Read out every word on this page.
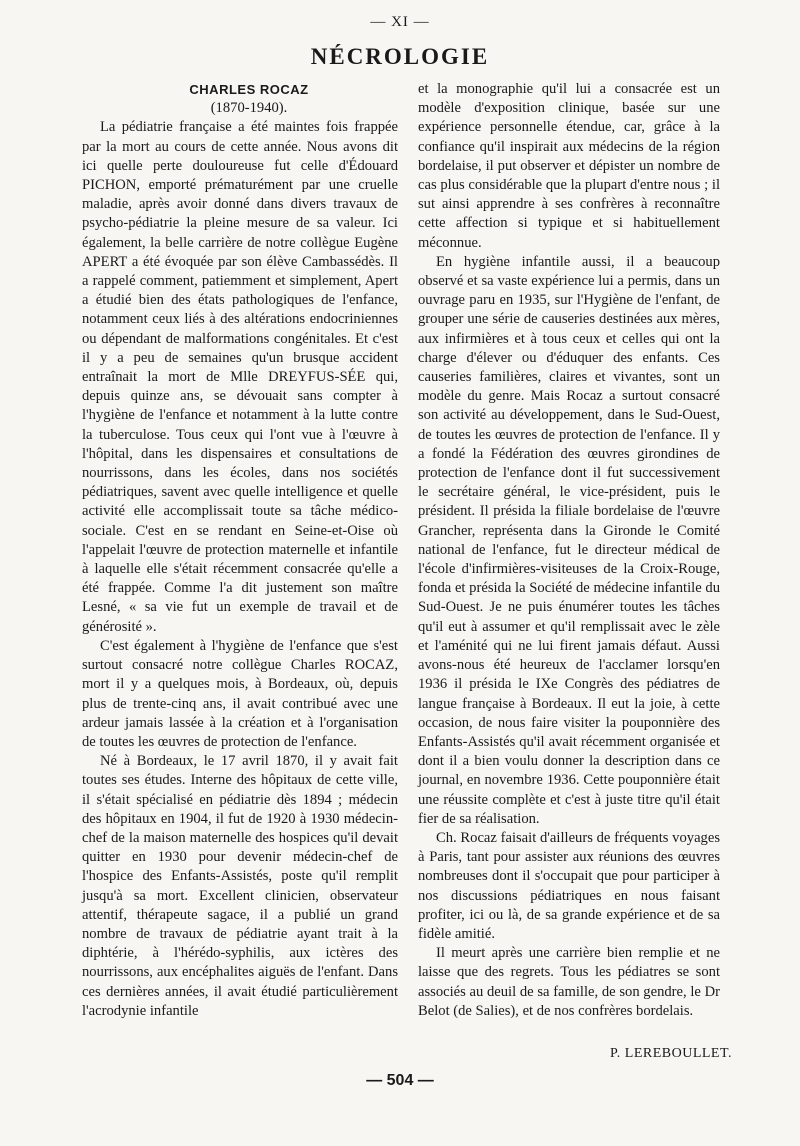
— XI —
NÉCROLOGIE

CHARLES ROCAZ

(1870-1940).

La pédiatrie française a été maintes fois frappée par la mort au cours de cette année. Nous avons dit ici quelle perte douloureuse fut celle d'Édouard PICHON, emporté prématurément par une cruelle maladie, après avoir donné dans divers travaux de psycho-pédiatrie la pleine mesure de sa valeur. Ici également, la belle carrière de notre collègue Eugène APERT a été évoquée par son élève Cambassédès. Il a rappelé comment, patiemment et simplement, Apert a étudié bien des états pathologiques de l'enfance, notamment ceux liés à des altérations endocriniennes ou dépendant de malformations congénitales. Et c'est il y a peu de semaines qu'un brusque accident entraînait la mort de Mlle DREYFUS-SÉE qui, depuis quinze ans, se dévouait sans compter à l'hygiène de l'enfance et notamment à la lutte contre la tuberculose. Tous ceux qui l'ont vue à l'œuvre à l'hôpital, dans les dispensaires et consultations de nourrissons, dans les écoles, dans nos sociétés pédiatriques, savent avec quelle intelligence et quelle activité elle accomplissait toute sa tâche médico-sociale. C'est en se rendant en Seine-et-Oise où l'appelait l'œuvre de protection maternelle et infantile à laquelle elle s'était récemment consacrée qu'elle a été frappée. Comme l'a dit justement son maître Lesné, « sa vie fut un exemple de travail et de générosité ».

C'est également à l'hygiène de l'enfance que s'est surtout consacré notre collègue Charles ROCAZ, mort il y a quelques mois, à Bordeaux, où, depuis plus de trente-cinq ans, il avait contribué avec une ardeur jamais lassée à la création et à l'organisation de toutes les œuvres de protection de l'enfance.

Né à Bordeaux, le 17 avril 1870, il y avait fait toutes ses études. Interne des hôpitaux de cette ville, il s'était spécialisé en pédiatrie dès 1894 ; médecin des hôpitaux en 1904, il fut de 1920 à 1930 médecin-chef de la maison maternelle des hospices qu'il devait quitter en 1930 pour devenir médecin-chef de l'hospice des Enfants-Assistés, poste qu'il remplit jusqu'à sa mort. Excellent clinicien, observateur attentif, thérapeute sagace, il a publié un grand nombre de travaux de pédiatrie ayant trait à la diphtérie, à l'hérédo-syphilis, aux ictères des nourrissons, aux encéphalites aiguës de l'enfant. Dans ces dernières années, il avait étudié particulièrement l'acrodynie infantile

et la monographie qu'il lui a consacrée est un modèle d'exposition clinique, basée sur une expérience personnelle étendue, car, grâce à la confiance qu'il inspirait aux médecins de la région bordelaise, il put observer et dépister un nombre de cas plus considérable que la plupart d'entre nous ; il sut ainsi apprendre à ses confrères à reconnaître cette affection si typique et si habituellement méconnue.

En hygiène infantile aussi, il a beaucoup observé et sa vaste expérience lui a permis, dans un ouvrage paru en 1935, sur l'Hygiène de l'enfant, de grouper une série de causeries destinées aux mères, aux infirmières et à tous ceux et celles qui ont la charge d'élever ou d'éduquer des enfants. Ces causeries familières, claires et vivantes, sont un modèle du genre. Mais Rocaz a surtout consacré son activité au développement, dans le Sud-Ouest, de toutes les œuvres de protection de l'enfance. Il y a fondé la Fédération des œuvres girondines de protection de l'enfance dont il fut successivement le secrétaire général, le vice-président, puis le président. Il présida la filiale bordelaise de l'œuvre Grancher, représenta dans la Gironde le Comité national de l'enfance, fut le directeur médical de l'école d'infirmières-visiteuses de la Croix-Rouge, fonda et présida la Société de médecine infantile du Sud-Ouest. Je ne puis énumérer toutes les tâches qu'il eut à assumer et qu'il remplissait avec le zèle et l'aménité qui ne lui firent jamais défaut. Aussi avons-nous été heureux de l'acclamer lorsqu'en 1936 il présida le IXe Congrès des pédiatres de langue française à Bordeaux. Il eut la joie, à cette occasion, de nous faire visiter la pouponnière des Enfants-Assistés qu'il avait récemment organisée et dont il a bien voulu donner la description dans ce journal, en novembre 1936. Cette pouponnière était une réussite complète et c'est à juste titre qu'il était fier de sa réalisation.

Ch. Rocaz faisait d'ailleurs de fréquents voyages à Paris, tant pour assister aux réunions des œuvres nombreuses dont il s'occupait que pour participer à nos discussions pédiatriques en nous faisant profiter, ici ou là, de sa grande expérience et de sa fidèle amitié.

Il meurt après une carrière bien remplie et ne laisse que des regrets. Tous les pédiatres se sont associés au deuil de sa famille, de son gendre, le Dr Belot (de Salies), et de nos confrères bordelais.

P. LEREBOULLET.
— 504 —
